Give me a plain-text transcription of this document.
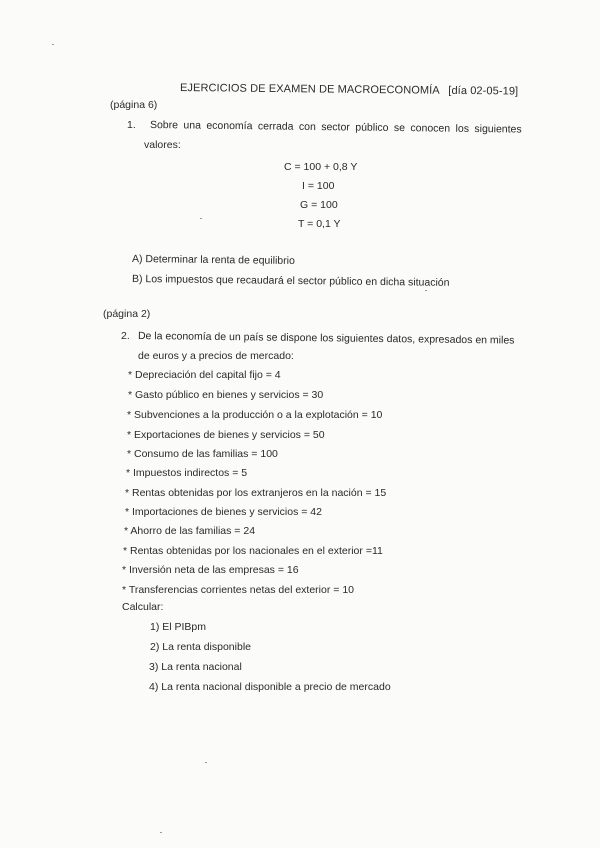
EJERCICIOS DE EXAMEN DE MACROECONOMÍA [día 02-05-19]
(página 6)
1. Sobre una economía cerrada con sector público se conocen los siguientes
valores:
C = 100 + 0,8 Y
I = 100
G = 100
T = 0,1 Y
A) Determinar la renta de equilibrio
B) Los impuestos que recaudará el sector público en dicha situación
(página 2)
2. De la economía de un país se dispone los siguientes datos, expresados en miles
de euros y a precios de mercado:
* Depreciación del capital fijo = 4
* Gasto público en bienes y servicios = 30
* Subvenciones a la producción o a la explotación = 10
* Exportaciones de bienes y servicios = 50
* Consumo de las familias = 100
* Impuestos indirectos = 5
* Rentas obtenidas por los extranjeros en la nación = 15
* Importaciones de bienes y servicios = 42
* Ahorro de las familias = 24
* Rentas obtenidas por los nacionales en el exterior =11
* Inversión neta de las empresas = 16
* Transferencias corrientes netas del exterior = 10
Calcular:
1) El PIBpm
2) La renta disponible
3) La renta nacional
4) La renta nacional disponible a precio de mercado
